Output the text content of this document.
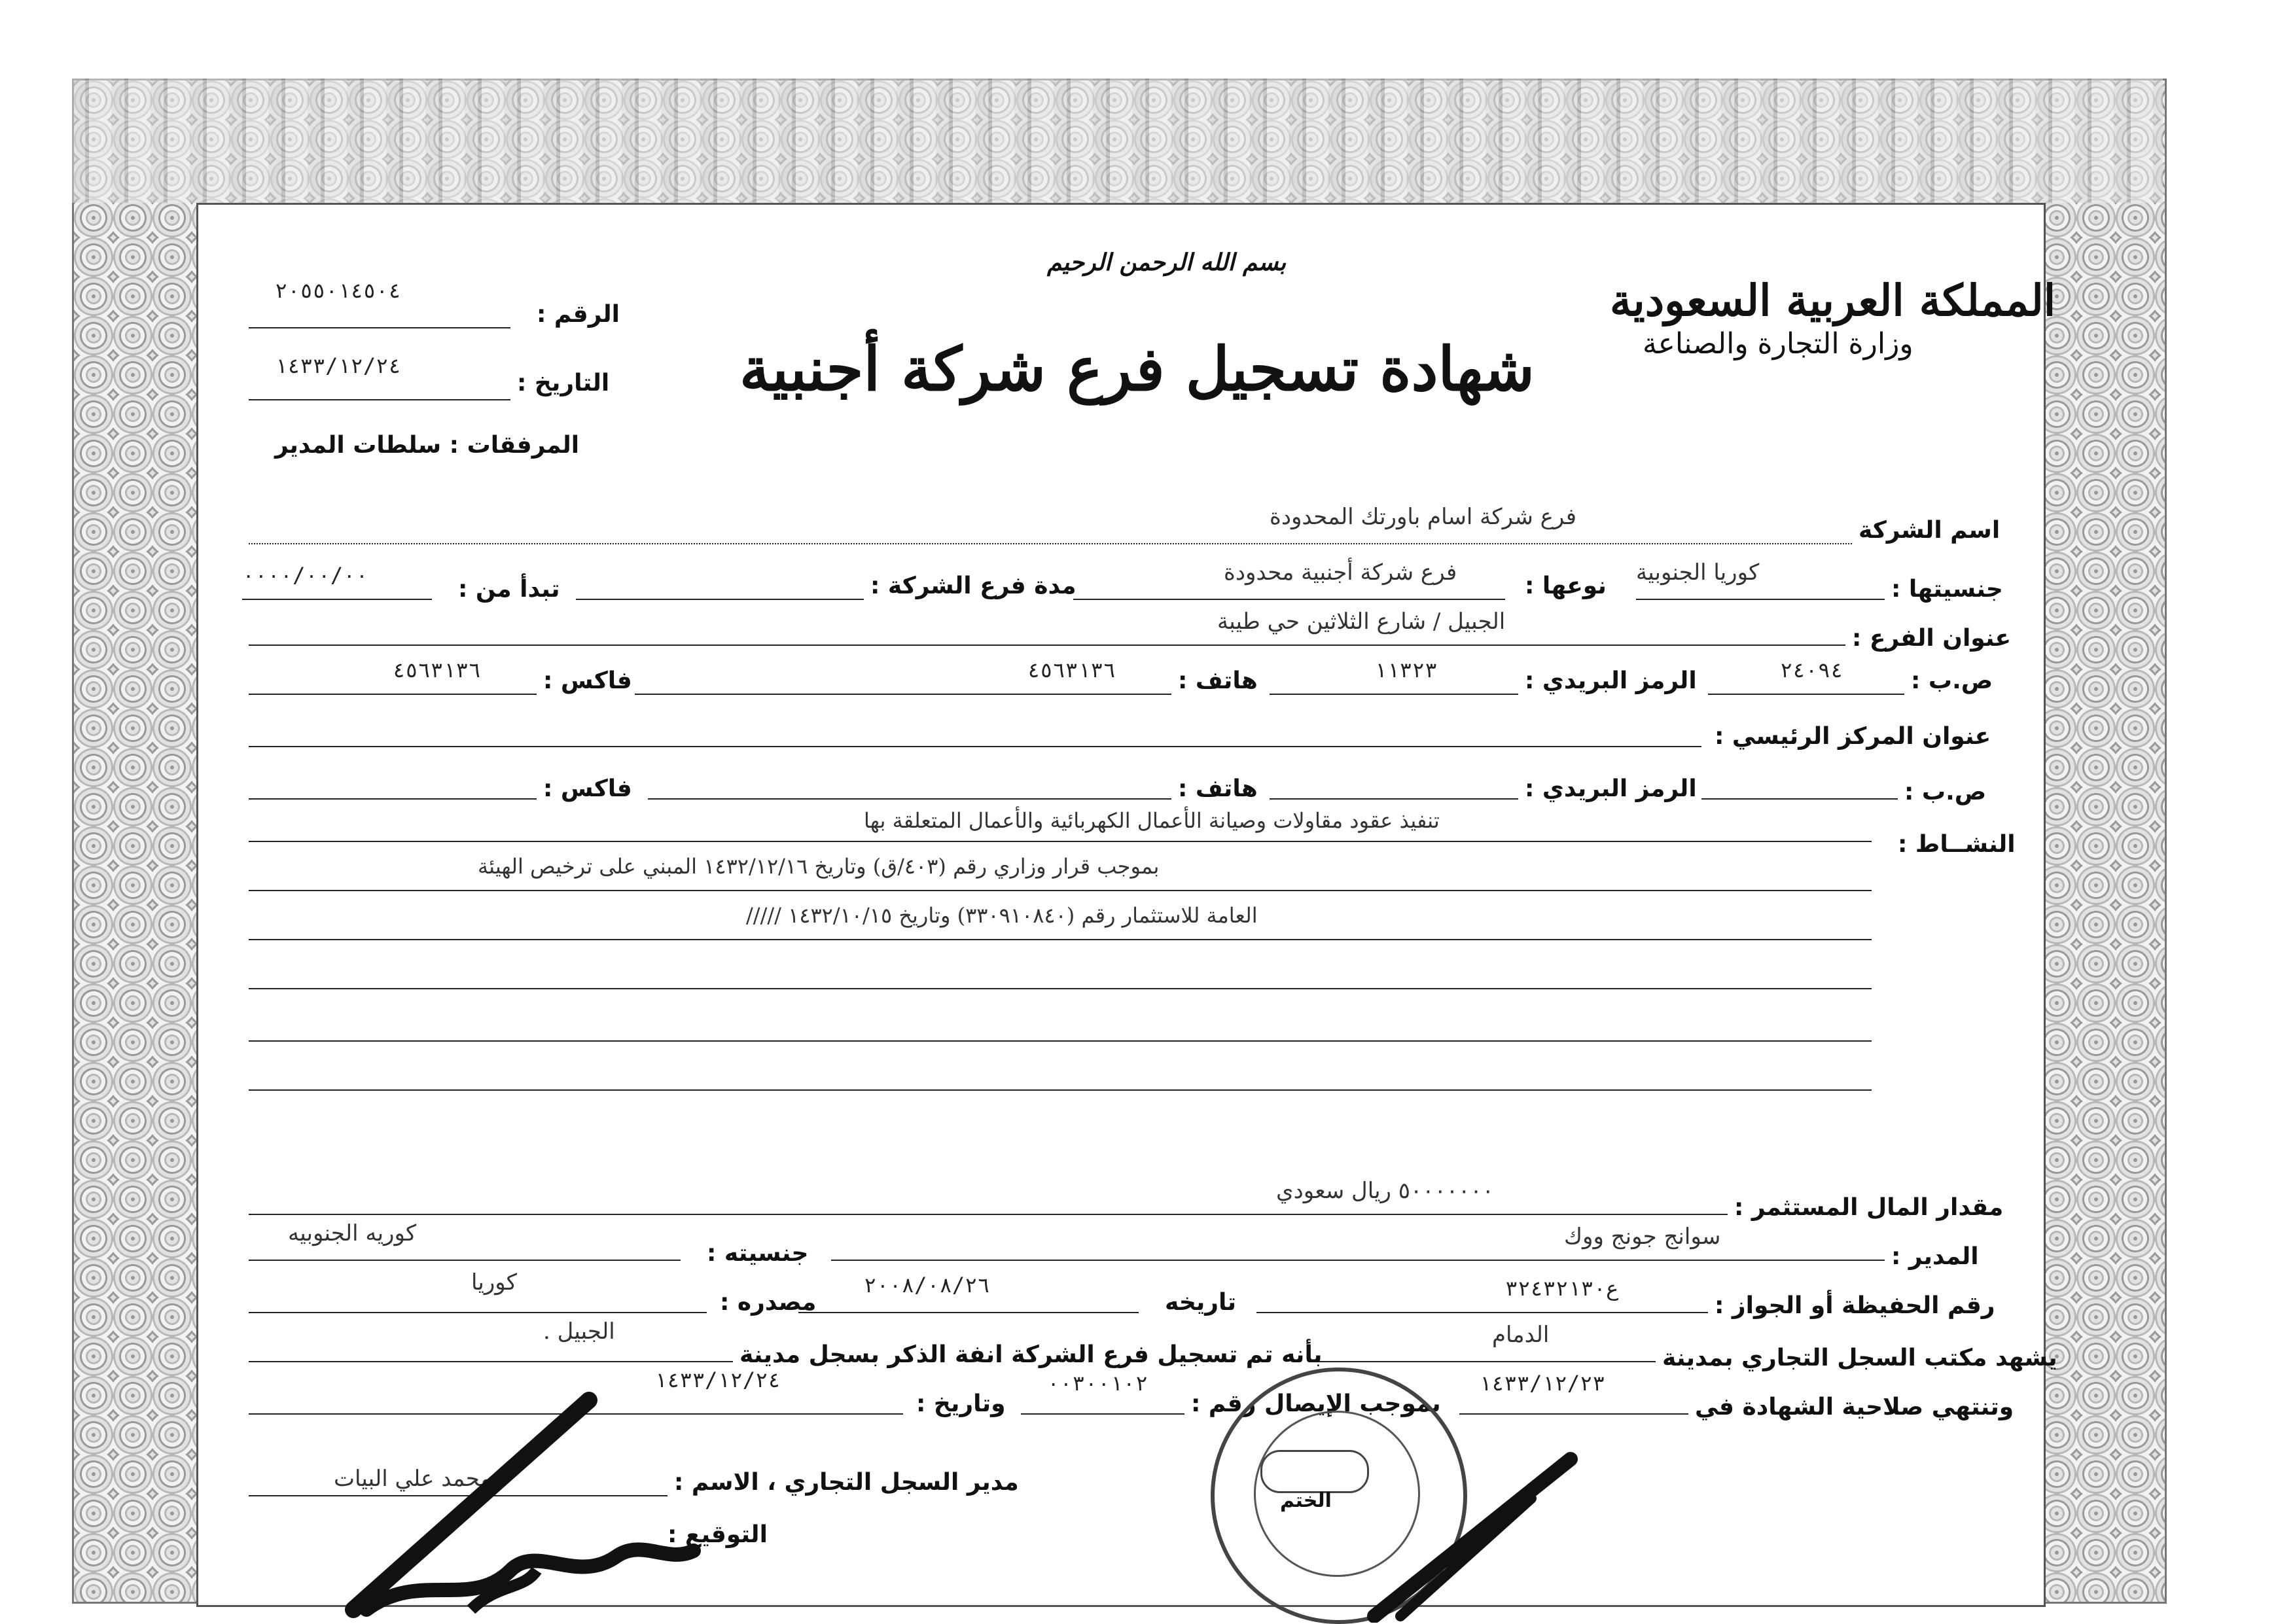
بسم الله الرحمن الرحيم
المملكة العربية السعودية
وزارة التجارة والصناعة
شهادة تسجيل فرع شركة أجنبية
الرقم :
٢٠٥٥٠١٤٥٠٤
التاريخ :
١٤٣٣/١٢/٢٤
المرفقات : سلطات المدير
اسم الشركة
فرع شركة اسام باورتك المحدودة
جنسيتها :
كوريا الجنوبية
نوعها :
فرع شركة أجنبية محدودة
مدة فرع الشركة :
تبدأ من :
٠٠٠٠/٠٠/٠٠
الجبيل / شارع الثلاثين حي طيبة
عنوان الفرع :
ص.ب :
٢٤٠٩٤
الرمز البريدي :
١١٣٢٣
هاتف :
٤٥٦٣١٣٦
فاكس :
٤٥٦٣١٣٦
عنوان المركز الرئيسي :
ص.ب :
الرمز البريدي :
هاتف :
فاكس :
النشــاط :
تنفيذ عقود مقاولات وصيانة الأعمال الكهربائية والأعمال المتعلقة بها
بموجب قرار وزاري رقم (٤٠٣/ق) وتاريخ ١٤٣٢/١٢/١٦ المبني على ترخيص الهيئة
العامة للاستثمار رقم (٣٣٠٩١٠٨٤٠) وتاريخ ١٤٣٢/١٠/١٥ /////
مقدار المال المستثمر :
٥٠٠٠٠٠٠٠ ريال سعودي
المدير :
سوانج جونج ووك
جنسيته :
كوريه الجنوبيه
رقم الحفيظة أو الجواز :
ع٣٢٤٣٢١٣٠
تاريخه
٢٠٠٨/٠٨/٢٦
مصدره :
كوريا
يشهد مكتب السجل التجاري بمدينة
الدمام
بأنه تم تسجيل فرع الشركة انفة الذكر بسجل مدينة
الجبيل .
وتنتهي صلاحية الشهادة في
١٤٣٣/١٢/٢٣
بموجب الإيصال رقم :
٠٠٣٠٠١٠٢
وتاريخ :
١٤٣٣/١٢/٢٤
مدير السجل التجاري ، الاسم :
محمد علي البيات
التوقيع :
الختم
